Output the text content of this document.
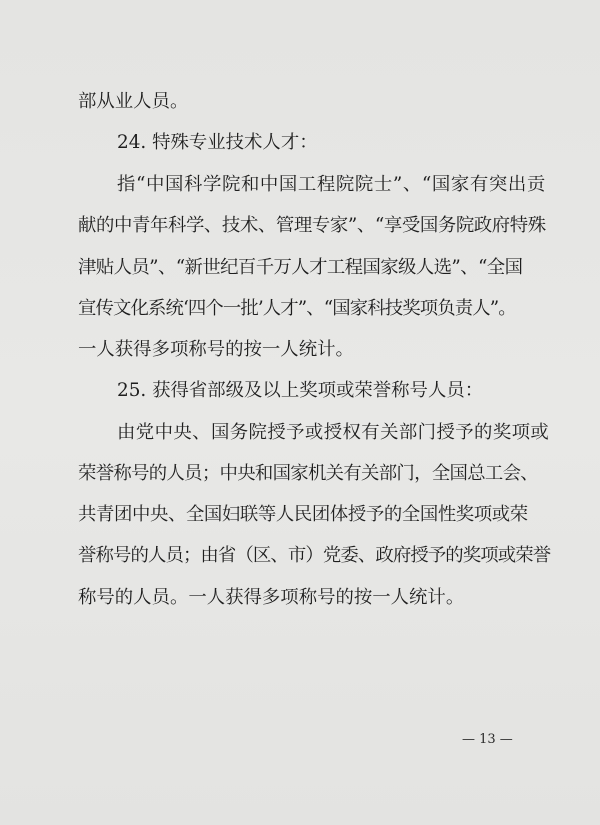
部从业人员。
24. 特殊专业技术人才：
指“中国科学院和中国工程院院士”、“国家有突出贡
献的中青年科学、技术、管理专家”、“享受国务院政府特殊
津贴人员”、“新世纪百千万人才工程国家级人选”、“全国
宣传文化系统‘四个一批’人才”、“国家科技奖项负责人”。
一人获得多项称号的按一人统计。
25. 获得省部级及以上奖项或荣誉称号人员：
由党中央、国务院授予或授权有关部门授予的奖项或
荣誉称号的人员；中央和国家机关有关部门，全国总工会、
共青团中央、全国妇联等人民团体授予的全国性奖项或荣
誉称号的人员；由省（区、市）党委、政府授予的奖项或荣誉
称号的人员。一人获得多项称号的按一人统计。
— 13 —
